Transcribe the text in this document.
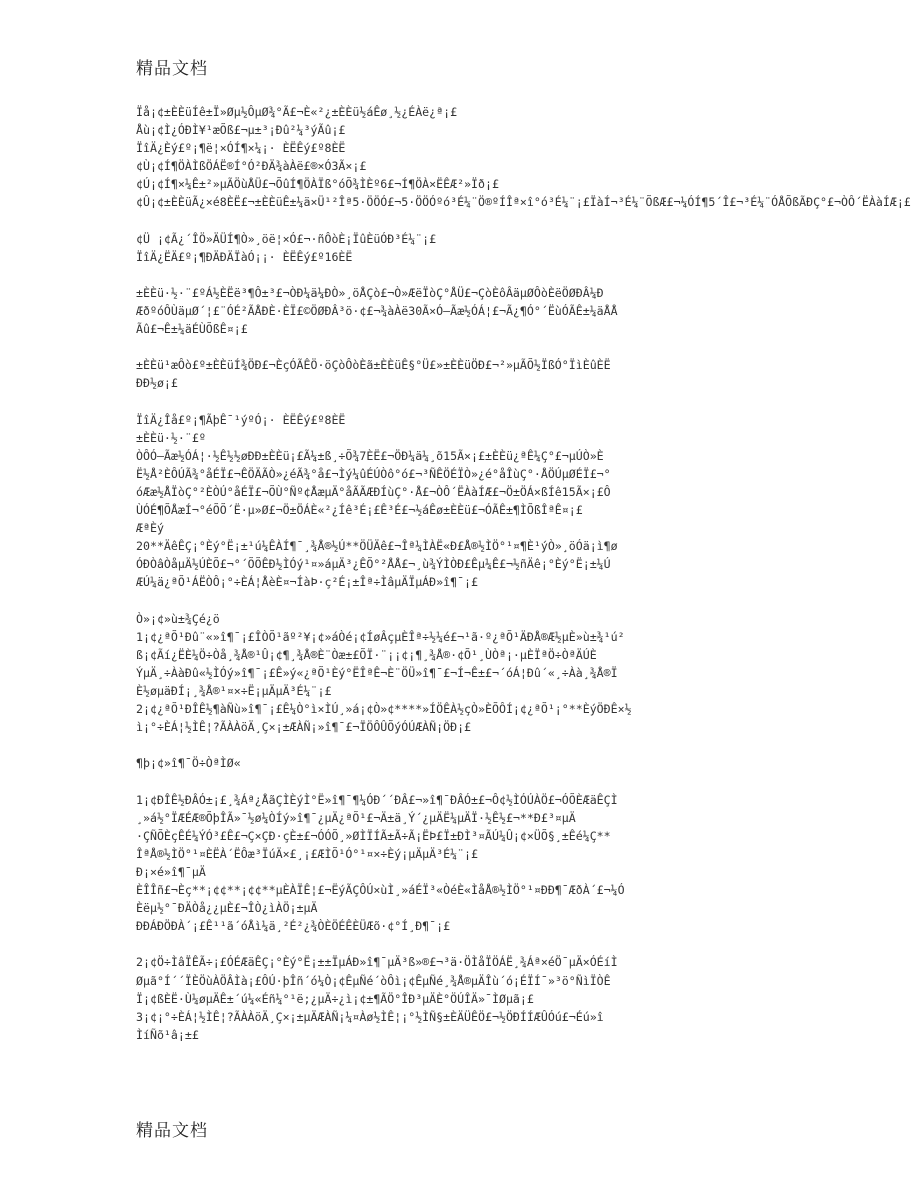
精品文档
Ïå¡¢±ÈÈüÍê±Ï»Øµ½ÔµØ¾°Ã£¬È«²¿±ÈÈü½áÊø¸½¿ÉÀë¿ª¡£
Åù¡¢Ì¿ÓÐÌ¥¹æÕß£¬µ±³¡Ðû²¼³ýÃû¡£
ÏîÄ¿Èý£º¡¶ë¦×ÓÍ¶×¼¡· ÈËÊý£º8ÈË
¢Ù¡¢Í¶ÖÀÌßÖÁË®Í°Ó²ÐÄ¾àÀë£®×Ó3Ã×¡£
¢Ú¡¢Í¶×¼Ê±²»µÃÖùÅÜ£¬ÕûÍ¶ÖÀÏß°óÕ¾ÌÈº6£¬Í¶ÖÀ×ËÊÆ²»Ïð¡£
¢Û¡¢±ÈÈüÃ¿×é8ÈË£¬±ÈÈüÊ±¼ä×Ü¹²Îª5·ÖÖÓ£¬5·ÖÖÓºó³É¼¨Ö®ºÍÎª×î°ó³É¼¨¡£ÏàÍ¬³É¼¨ÕßÆ£¬¼ÓÍ¶5´Î£¬³É¼¨ÓÅÕßÃÐÇ°£¬ÒÔ´ËÀàÍÆ¡£
¢Ü ¡¢Ã¿´ÎÖ»ÄÜÍ¶Ò»¸öë¦×Ó£¬·ñÔòÈ¡ÏûÈüÓÐ³É¼¨¡£
ÏîÄ¿ËÄ£º¡¶ÐÄÐÄÏàÓ¡¡· ÈËÊý£º16ÈË
±ÈÈü·½·¨£ºÁ½ÈËë³¶Ô±³£¬ÒÐ¼ä¼ÐÒ»¸öÅÇò£¬Ò»ÆëÏòÇ°ÅÜ£¬ÇòÈôÂäµØÔòÈëÖØÐÂ¼Ð
ÆðºóÔÙäµØ´¦£¨ÓÉ²ÃÅÐÈ·ÈÏ£©ÖØÐÂ³ö·¢£¬¾àÀë30Ã×Ó–Ãæ½ÓÁ¦£¬Ã¿¶Ó°´ËùÓÃÊ±¼äÅÅ
Ãû£¬Ê±¼äÉÙÕßÊ¤¡£
±ÈÈü¹æÔò£º±ÈÈüÍ¾ÖÐ£¬ÈçÓÃÊÖ·öÇòÔòÈã±ÈÈüÊ§°Ü£»±ÈÈüÖÐ£¬²»µÃÕ½ÏßÓ°ÏìÈûÈË
ÐÐ½ø¡£
ÏîÄ¿Îå£º¡¶ÃþÊ¯¹ýºÓ¡· ÈËÊý£º8ÈË
±ÈÈü·½·¨£º
ÒÔÓ–Ãæ½ÓÁ¦·½Ê½½øÐÐ±ÈÈü¡£Ã¼±ß¸÷Õ¾7ÈË£¬ÖÐ¼ä¼¸õ15Ã×¡£±ÈÈü¿ªÊ¼Ç°£¬µÚÒ»È
Ë½Å²ÈÔÚÃ¾°åÉÏ£¬ÊÖÄÃÒ»¿éÃ¾°å£¬Ìý¼ûÉÚÒô°ó£¬³ÑÊÖÉÏÒ»¿é°åÎùÇ°·ÅÖÚµØÉÏ£¬°
óÆæ½ÅÏòÇ°²ÈÒÚ°åÉÏ£¬ÕÙ°Ñº¢ÅæµÄ°åÃÃÆÐÍùÇ°·Å£¬ÒÔ´ËÀàÍÆ£¬Ö±ÖÁ×ßÍê15Ã×¡£Ô
ÙÓÉ¶ÕÅæÍ¬°éÕÕ´Ë·µ»Ø£¬Ö±ÖÁÈ«²¿Íê³É¡£Ê³É£¬½áÊø±ÈÈü£¬ÓÃÊ±¶ÌÕßÎªÊ¤¡£
ÆªÈý
20**ÄêÊÇ¡°Èý°Ë¡±¹ú¼ÊÀÍ¶¯¸¾Å®½Ú**ÖÜÄê£¬Îª¼ÌÀË«Ð£Å®½ÌÖ°¹¤¶È¹ýÒ»¸öÓä¡ì¶ø
ÓÐÒâÒåµÄ½ÚÈÕ£¬°´ÕÕÊÐ½ÌÓý¹¤»áµÄ³¿ÊÕ°²ÅÅ£¬¸ù¾ÝÌÒÐ£Êµ¼Ê£¬½ñÄê¡°Èý°Ë¡±¼Ú
ÆÚ¼ä¿ªÕ¹ÁËÒÔ¡°÷ÈÁ¦ÅèÈ¤¬ÍàÞ·ç²É¡±Îª÷ÌâµÄÏµÁÐ»î¶¯¡£
Ò»¡¢»ù±¾Çé¿ö
1¡¢¿ªÕ¹Ðû¨«»î¶¯¡£ÎÒÕ¹ãº²¥¡¢»áÒé¡¢ÍøÂçµÈÎª÷½¼é£¬¹ã·º¿ªÕ¹ÄÐÅ®Æ½µÈ»ù±¾¹ú²
ß¡¢Ãí¿ËÈ¼Ö÷Òå¸¾Å®¹Û¡¢¶¸¾Å®È¨Òæ±£ÕÏ·¨¡¡¢¡¶¸¾Å®·¢Õ¹¸ÙÒª¡·µÈÏªÖ÷ÒªÄÚÈ
ÝµÄ¸÷ÀàÐû«½ÌÓý»î¶¯¡£Ê»ý«¿ªÕ¹Èý°ËÎªÊ¬È¨ÖÜ»î¶¯£¬Í¬Ê±£¬´óÁ¦Ðû´«¸÷Àà¸¾Å®Ï
È½øµäÐÍ¡¸¾Å®¹¤×÷Ë¡µÄµÄ³É¼¨¡£
2¡¢¿ªÕ¹ÐÎÊ½¶àÑù»î¶¯¡£Ê¼Ò°ì×ÌÚ¸»á¡¢Ò»¢****»ÍÖÊÀ½çÒ»ÈÕÔÍ¡¢¿ªÕ¹¡°**ÈýÖÐÊ×½
ì¡°÷ÈÁ¦½ÌÊ¦?ÃÀÀöÄ¸Ç×¡±ÆÀÑ¡»î¶¯£¬ÏÖÔÛÕýÓÚÆÀÑ¡ÖÐ¡£
¶þ¡¢»î¶¯Ö÷ÒªÌØ«
1¡¢ÐÎÊ½ÐÂÓ±¡£¸¾Áª¿ÅãÇÌÈýÌ°Ë»î¶¯¶¼ÓÐ´´ÐÂ£¬»î¶¯ÐÂÓ±£¬Ô¢½ÌÓÚÀÖ£¬ÓÕÈÆäÊÇÌ
¸»á½°ÏÆÉÆ®ÕþÎÃ»¯½ø¼ÒÍý»î¶¯¿µÄ¿ªÕ¹£¬Ä±ä¸Ý´¿µÄË¼µÄÏ·½Ê½£¬**Ð£³¤µÄ
·ÇÑÕÈçÊÉ¼ÝÓ³£Ê£¬Ç×ÇÐ·çÈ±£¬ÓÓÕ¸»ØÌÏÍÃ±Ã÷Ã¡ËÞ£Ï±ÐÌ³¤ÃÚ¼Û¡¢×ÜÕ§¸±Êé¼Ç**
ÎªÅ®½ÌÖ°¹¤ÈËÀ´ËÔæ³ÏúÄ×£¸¡£ÆÌÕ¹Ó°¹¤×÷Èý¡µÄµÄ³É¼¨¡£
Ð¡×é»î¶¯µÄ
ÈÎÎñ£¬Èç**¡¢¢**¡¢¢**µÈÀÏÊ¦£¬ËýÃÇÔÚ×ùÌ¸»áÉÏ³«ÒéÈ«ÌåÅ®½ÌÖ°¹¤ÐÐ¶¯ÆðÀ´£¬¼Ó
Èëµ½°¯ÐÄÒå¿¿µÈ£¬ÎÒ¿ìÀÖ¡±µÄ
ÐÐÁÐÖÐÀ´¡£Ê¹¹ã´óÅì¼ä¸²É²¿¾ÒÈÖÉÊÈÜÆõ·¢°Í¸Ð¶¯¡£
2¡¢Ö÷ÌâÏÊÃ÷¡£ÓÉÆäÊÇ¡°Èý°Ë¡±±ÏµÁÐ»î¶¯µÄ³ß»®£¬³ä·ÖÌåÏÖÁË¸¾Áª×éÖ¯µÄ×ÓÉíÌ
Øµã°Í´´ÏÈÖùÀÖÂÌà¡£ÔÚ·þÎñ´ó¼Ò¡¢ÊµÑé´òÔì¡¢ÊµÑé¸¾Å®µÄÎù´ó¡ÉÏÍ¯»³ö°ÑìÏÒÊ
Ï¡¢ßÈË·Ù¼øµÄÊ±´ú¼«Éñ¼°¹ë;¿µÄ÷¿ì¡¢±¶ÃÖ°ÎÐ³µÄÈ°ÖÚÎÄ»¯ÌØµã¡£
3¡¢¡°÷ÈÁ¦½ÌÊ¦?ÃÀÀöÄ¸Ç×¡±µÄÆÀÑ¡¼¤Àø½ÌÊ¦¡°½ÌÑ§±ÈÄÜÊÖ£¬½ÖÐÍÍÆÛÓú£¬Éú»î
ÌíÑõ¹â¡±£
精品文档
